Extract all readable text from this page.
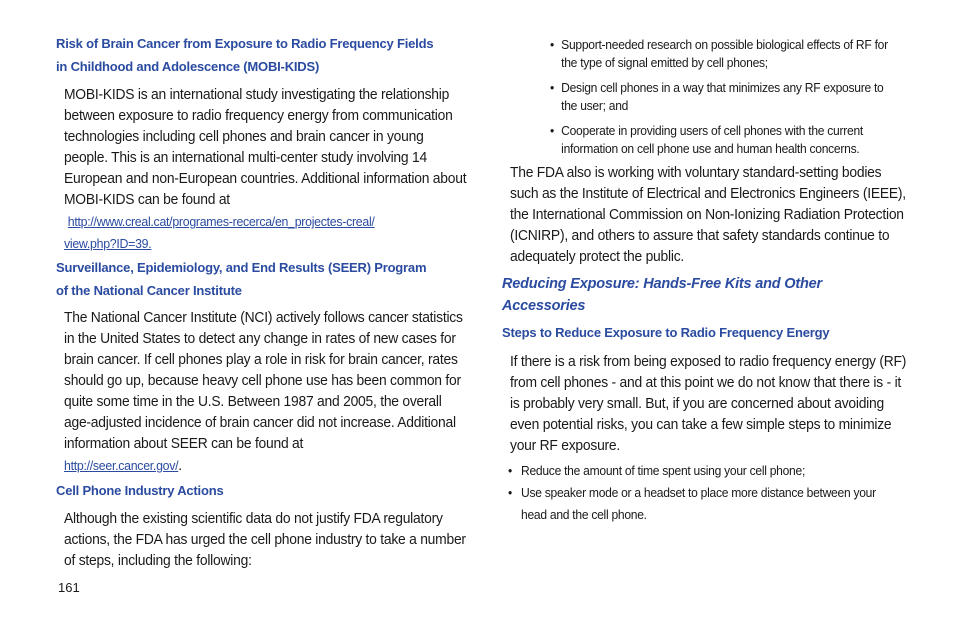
Risk of Brain Cancer from Exposure to Radio Frequency Fields
in Childhood and Adolescence (MOBI-KIDS)
MOBI-KIDS is an international study investigating the relationship between exposure to radio frequency energy from communication technologies including cell phones and brain cancer in young people. This is an international multi-center study involving 14 European and non-European countries. Additional information about MOBI-KIDS can be found at
http://www.creal.cat/programes-recerca/en_projectes-creal/
view.php?ID=39.
Surveillance, Epidemiology, and End Results (SEER) Program
of the National Cancer Institute
The National Cancer Institute (NCI) actively follows cancer statistics in the United States to detect any change in rates of new cases for brain cancer. If cell phones play a role in risk for brain cancer, rates should go up, because heavy cell phone use has been common for quite some time in the U.S. Between 1987 and 2005, the overall age-adjusted incidence of brain cancer did not increase. Additional information about SEER can be found at
http://seer.cancer.gov/.
Cell Phone Industry Actions
Although the existing scientific data do not justify FDA regulatory actions, the FDA has urged the cell phone industry to take a number of steps, including the following:
• Support-needed research on possible biological effects of RF for the type of signal emitted by cell phones;
• Design cell phones in a way that minimizes any RF exposure to the user; and
• Cooperate in providing users of cell phones with the current information on cell phone use and human health concerns.
The FDA also is working with voluntary standard-setting bodies such as the Institute of Electrical and Electronics Engineers (IEEE), the International Commission on Non-Ionizing Radiation Protection (ICNIRP), and others to assure that safety standards continue to adequately protect the public.
Reducing Exposure: Hands-Free Kits and Other
Accessories
Steps to Reduce Exposure to Radio Frequency Energy
If there is a risk from being exposed to radio frequency energy (RF) from cell phones - and at this point we do not know that there is - it is probably very small. But, if you are concerned about avoiding even potential risks, you can take a few simple steps to minimize your RF exposure.
• Reduce the amount of time spent using your cell phone;
• Use speaker mode or a headset to place more distance between your head and the cell phone.
161
